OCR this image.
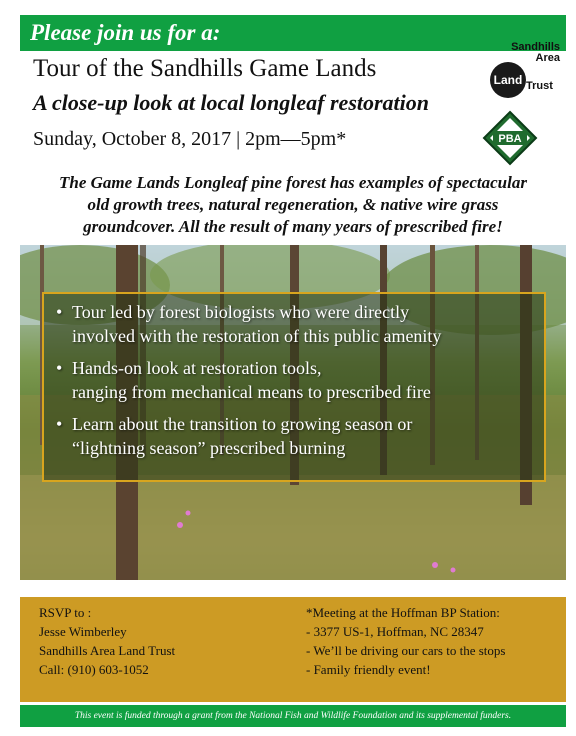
Please join us for a:
Tour of the Sandhills Game Lands
A close-up look at local longleaf restoration
Sunday, October 8, 2017 | 2pm—5pm*
Sandhills
Area
Land Trust
PBA
The Game Lands Longleaf pine forest has examples of spectacular
old growth trees, natural regeneration, & native wire grass
groundcover. All the result of many years of prescribed fire!
• Tour led by forest biologists who were directly
involved with the restoration of this public amenity
• Hands-on look at restoration tools,
ranging from mechanical means to prescribed fire
• Learn about the transition to growing season or
“lightning season” prescribed burning
RSVP to :
Jesse Wimberley
Sandhills Area Land Trust
Call: (910) 603-1052
*Meeting at the Hoffman BP Station:
- 3377 US-1, Hoffman, NC 28347
- We’ll be driving our cars to the stops
- Family friendly event!
This event is funded through a grant from the National Fish and Wildlife Foundation and its supplemental funders.
